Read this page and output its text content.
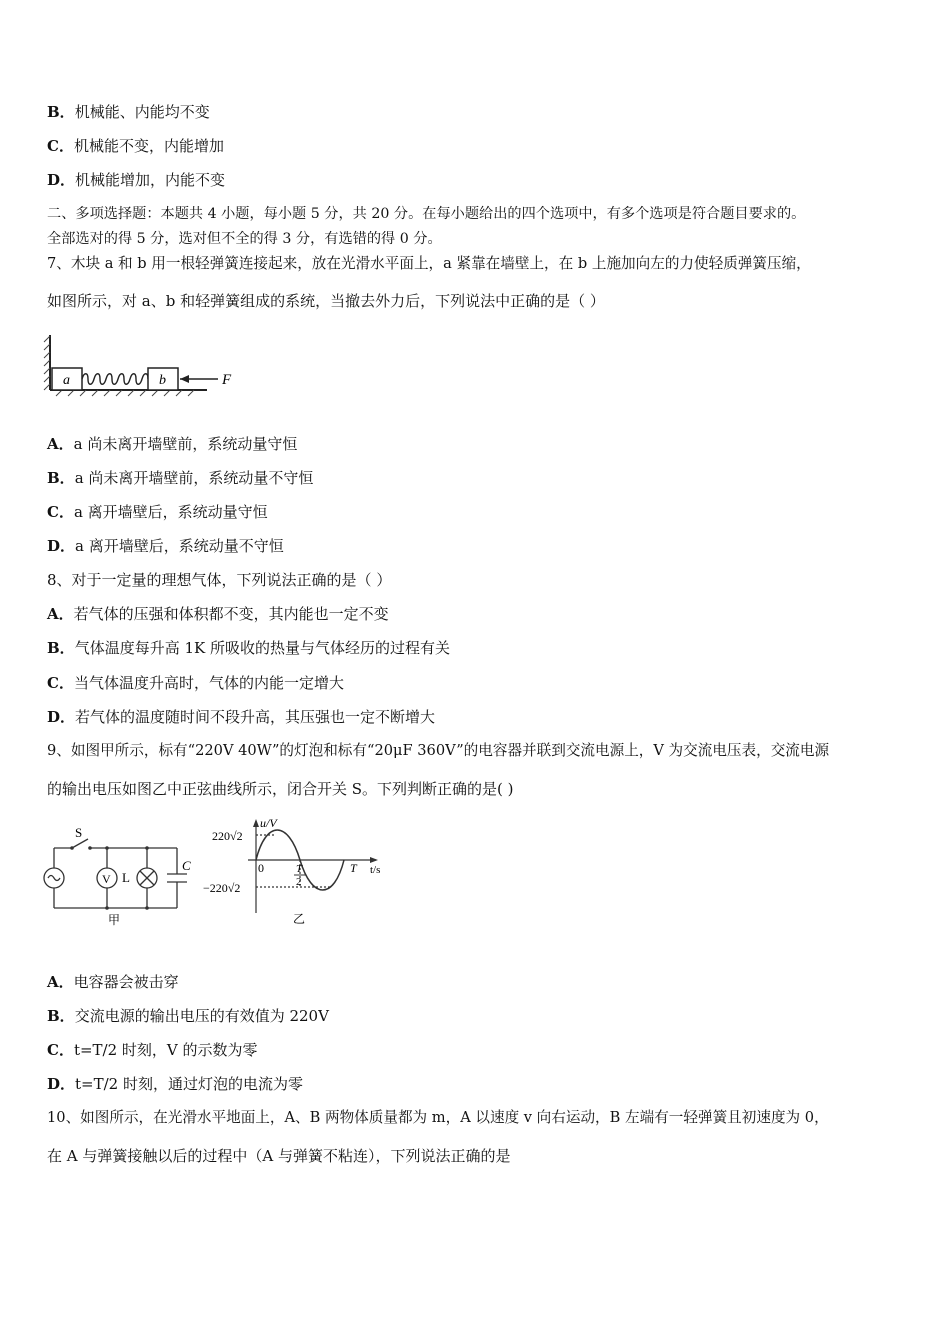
B．机械能、内能均不变
C．机械能不变，内能增加
D．机械能增加，内能不变
二、多项选择题：本题共 4 小题，每小题 5 分，共 20 分。在每小题给出的四个选项中，有多个选项是符合题目要求的。
全部选对的得 5 分，选对但不全的得 3 分，有选错的得 0 分。
7、木块 a 和 b 用一根轻弹簧连接起来，放在光滑水平面上，a 紧靠在墙壁上，在 b 上施加向左的力使轻质弹簧压缩，
如图所示，对 a、b 和轻弹簧组成的系统，当撤去外力后，下列说法中正确的是（ ）
a	b	F
A．a 尚未离开墙壁前，系统动量守恒
B．a 尚未离开墙壁前，系统动量不守恒
C．a 离开墙壁后，系统动量守恒
D．a 离开墙壁后，系统动量不守恒
8、对于一定量的理想气体，下列说法正确的是（ ）
A．若气体的压强和体积都不变，其内能也一定不变
B．气体温度每升高 1K 所吸收的热量与气体经历的过程有关
C．当气体温度升高时，气体的内能一定增大
D．若气体的温度随时间不段升高，其压强也一定不断增大
9、如图甲所示，标有“220V 40W”的灯泡和标有“20μF 360V”的电容器并联到交流电源上，V 为交流电压表，交流电源
的输出电压如图乙中正弦曲线所示，闭合开关 S。下列判断正确的是( )
S
V L
C
甲
u/V
220√2
−220√2
0	T
2
T t/s
乙
A．电容器会被击穿
B．交流电源的输出电压的有效值为 220V
C．t=T/2 时刻，V 的示数为零
D．t=T/2 时刻，通过灯泡的电流为零
10、如图所示，在光滑水平地面上，A、B 两物体质量都为 m，A 以速度 v 向右运动，B 左端有一轻弹簧且初速度为 0，
在 A 与弹簧接触以后的过程中（A 与弹簧不粘连），下列说法正确的是
